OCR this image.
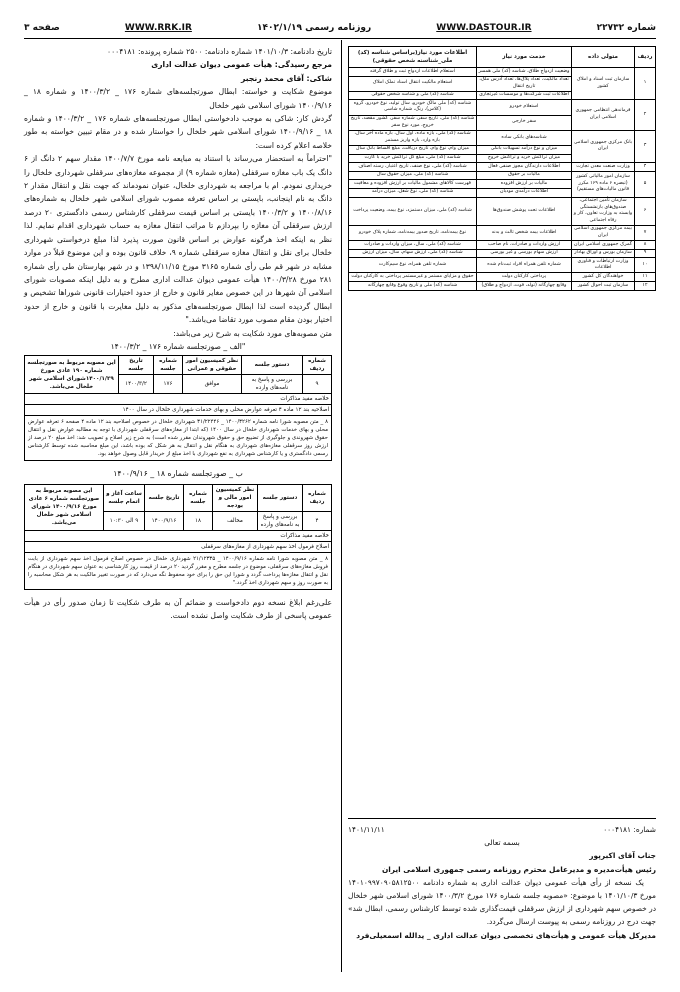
شماره ۲۲۷۳۲
WWW.DASTOUR.IR
روزنامه رسمی ۱۴۰۲/۱/۱۹
WWW.RRK.IR
صفحه ۳
ردیف	متولی داده	خدمت مورد نیاز	اطلاعات مورد نیاز(براساس شناسه (کد) ملی_شناسنه شخص حقوقی)
۱	سازمان ثبت اسناد و املاک کشور	وضعیت ازدواج طلاق، شناسه (کد) ملی همسر	استعلام اطلاعات ازدواج ثبت و طلاق گرفته
		تعداد مالکیت، تعداد پلاک‌ها، تعداد آدرس ملک، تاریخ انتقال	استعلام مالکیت انتقال اسناد تملک املاک
		اطلاعات ثبت شرکت‌ها و موسسات غیرتجاری	شناسه (کد) ملی و شناسه شخص حقوقی
۲	فرماندهی انتظامی جمهوری اسلامی ایران	استعلام خودرو	شناسه (کد) ملی مالک خودرو، سال تولید، نوع خودرو، گروه (کلاس)، رنگ، شماره شاسی
		سفر خارجی	شناسه (کد) ملی، تاریخ سفر، شماره سفر، کشور مقصد، تاریخ خروج، مورد نوع سفر
۳	بانک مرکزی جمهوری اسلامی ایران	شناسه‌های بانکی ساده	شناسه (کد) ملی، بازه ماده، اول سال، بازه ماده آخر سال، بازه وارد، بازه واریز مستمر
		میزان و نوع درآمد تسهیلات بانکی	میزان وام، نوع وام، تاریخ دریافت، مبلغ اقساط بانک سال
		میزان تراکنش خرید و تراکنش خروج	شناسه (کد) ملی، مبلغ کل تراکنش خرید با کارت
۴	وزارت صنعت معدن تجارت	اطلاعات دارندگان مجوز صنفی فعال	شناسه (کد) ملی، نوع صنف، تاریخ اعتبار، رسته اصناف
۵	سازمان امور مالیاتی کشور (تبصره ۶ ماده ۱۶۹ مکرر قانون مالیات‌های مستقیم)	مالیات بر حقوق	شناسه (کد) ملی، میزان حقوق سال
		مالیات بر ارزش افزوده	فهرست کالاهای مشمول مالیات بر ارزش افزوده و معافیت
		اطلاعات درآمدی مودیان	شناسه (کد) ملی، نوع شغل، میزان درآمد
۶	سازمان تأمین اجتماعی، صندوق‌های بازنشستگی وابسته به وزارت تعاون، کار و رفاه اجتماعی	اطلاعات تحت پوشش صندوق‌ها	شناسه (کد) ملی، میزان دستمزد، نوع بیمه، وضعیت پرداخت
۷	بیمه مرکزی جمهوری اسلامی ایران	اطلاعات بیمه شخص ثالث و بدنه	نوع بیمه‌نامه، تاریخ صدور بیمه‌نامه، شماره پلاک خودرو
۸	گمرک جمهوری اسلامی ایران	ارزش واردات و صادرات، نام صاحب	شناسه (کد) ملی، سال، میزان واردات و صادرات
۹	سازمان بورس و اوراق بهادار	ارزش سهام بورسی و غیر بورسی	شناسه (کد) ملی، ارزش سهام، سال، میزان ارزش
۱۰	وزارت ارتباطات و فناوری اطلاعات	شماره تلفن همراه افراد ثبت‌نام شده	شماره تلفن همراه، نوع سیم‌کارت
۱۱	خواهندگان کل کشور	پرداختی کارکنان دولت	حقوق و مزایای مستمر و غیرمستمر پرداختی به کارکنان دولت
۱۲	سازمان ثبت احوال کشور	وقایع چهارگانه (تولد، فوت، ازدواج و طلاق)	شناسه (کد) ملی و تاریخ وقوع وقایع چهارگانه
شماره: ۰۰۰۴۱۸۱
۱۴۰۱/۱۱/۱۱
بسمه تعالی
جناب آقای اکبرپور
رئیس هیأت‌مدیره و مدیرعامل محترم روزنامه رسمی جمهوری اسلامی ایران
یک نسخه از رأی هیأت عمومی دیوان عدالت اداری به شماره دادنامه ۱۴۰۱۰۹۹۷۰۹۰۵۸۱۲۵۰۰ مورخ ۱۴۰۱/۱۰/۳ با موضوع: «مصوبه جلسه شماره ۱۷۶ مورخ ۱۴۰۰/۳/۲ شورای اسلامی شهر خلخال در خصوص سهم شهرداری از ارزش سرقفلی قیمت‌گذاری شده توسط کارشناس رسمی، ابطال شد» جهت درج در روزنامه رسمی به پیوست ارسال می‌گردد.
مدیرکل هیأت عمومی و هیأت‌های تخصصی دیوان عدالت اداری _ یدالله اسمعیلی‌فرد

تاریخ دادنامه: ۱۴۰۱/۱۰/۳ شماره دادنامه: ۲۵۰۰ شماره پرونده: ۰۰۰۴۱۸۱

مرجع رسیدگی: هیأت عمومی دیوان عدالت اداری

شاکی: آقای محمد رنجبر

موضوع شکایت و خواسته: ابطال صورتجلسه‌های شماره ۱۷۶ _ ۱۴۰۰/۳/۲ و شماره ۱۸ _ ۱۴۰۰/۹/۱۶ شورای اسلامی شهر خلخال

گردش کار: شاکی به موجب دادخواستی ابطال صورتجلسه‌های شماره ۱۷۶ _ ۱۴۰۰/۳/۲ و شماره ۱۸ _ ۱۴۰۰/۹/۱۶ شورای اسلامی شهر خلخال را خواستار شده و در مقام تبیین خواسته به طور خلاصه اعلام کرده است:

"احتراماً به استحضار می‌رساند با استناد به مبایعه نامه مورخ ۱۴۰۰/۷/۷ مقدار سهم ۲ دانگ از ۶ دانگ یک باب مغازه سرقفلی (مغازه شماره ۹) از مجموعه مغازه‌های سرقفلی شهرداری خلخال را خریداری نمودم. ام با مراجعه به شهرداری خلخال، عنوان نمودماند که جهت نقل و انتقال مقدار ۲ دانگ به نام اینجانب، بایستی بر اساس تعرفه مصوب شورای اسلامی شهر خلخال به شماره‌های ۱۴۰۰/۸/۱۶ و ۱۴۰۰/۳/۲ بایستی بر اساس قیمت سرقفلی کارشناس رسمی دادگستری ۲۰ درصد ارزش سرقفلی آن مغازه را بپردازم تا مراتب انتقال مغازه به حساب شهرداری اقدام نمایم. لذا نظر به اینکه اخذ هرگونه عوارض بر اساس قانون صورت پذیرد لذا مبلغ درخواستی شهرداری خلخال برای نقل و انتقال مغازه سرقفلی شماره ۹، خلاف قانون بوده و این موضوع قبلاً در موارد مشابه در شهر قم طی رأی شماره ۳۱۶۵ مورخ ۱۳۹۸/۱۱/۱۵ و در شهر بهارستان طی رأی شماره ۲۸۱ مورخ ۱۴۰۰/۳/۲۸ هیأت عمومی دیوان عدالت اداری مطرح و به دلیل اینکه مصوبات شورای اسلامی آن شهرها در این خصوص مغایر قانون و خارج از حدود اختیارات قانونی شوراها تشخیص و ابطال گردیده است لذا ابطال صورتجلسه‌های مذکور به دلیل مغایرت با قانون و خارج از حدود اختیار بودن مقام مصوب مورد تقاضا می‌باشد."

متن مصوبه‌های مورد شکایت به شرح زیر می‌باشد:

"الف _ صورتجلسه شماره ۱۷۶ _ ۱۴۰۰/۳/۲

شماره ردیف	دستور جلسه	نظر کمیسیون امور حقوقی و عمرانی	شماره جلسه	تاریخ جلسه	این مصوبه مربوط به صورتجلسه شماره ۱۹۰ عادی مورخ ۱۴۰۰/۱/۲۹شورای اسلامی شهر خلخال می‌باشد.
۹	بررسی و پاسخ به نامه‌های وارده	موافق	۱۷۶	۱۴۰۰/۳/۲	
خلاصه مفید مذاکرات					
اصلاحیه بند ۱۲ ماده ۴ تعرفه عوارض محلی و بهای خدمات شهرداری خلخال در سال ۱۴۰۰					
۸ _ متن مصوبه شورا نامه شماره ۱۴۰۰/۳۲۶۲ _ ۳۱/۲۲۴۴۶ شهرداری خلخال در خصوص اصلاحیه بند ۱۲ ماده ۴ صفحه ۶ تعرفه عوارض محلی و بهای خدمات شهرداری خلخال در سال ۱۴۰۰ (که ابتدا از مغازه‌های سرقفلی شهرداری با توجه به مطالبه عوارض نقل و انتقال حقوق شهروندی و جلوگیری از تضییع حق و حقوق شهروندان مقرر شده است) به شرح زیر اصلاح و تصویب شد: اخذ مبلغ ۲۰ درصد از ارزش روز سرقفلی مغازه‌های شهرداری به هنگام نقل و انتقال به هر شکل که بوده باشد، این مبلغ محاسبه شده توسط کارشناس رسمی دادگستری و یا کارشناس شهرداری به نفع شهرداری با اخذ مبلغ از خریدار قابل وصول خواهد بود.
ب _ صورتجلسه شماره ۱۸ _ ۱۴۰۰/۹/۱۶
شماره ردیف	دستور جلسه	نظر کمیسیون امور مالی و بودجه	شماره جلسه	تاریخ جلسه	ساعت آغاز و اتمام جلسه	این مصوبه مربوط به صورتجلسه شماره ۶ عادی مورخ ۱۴۰۰/۹/۱۶ شورای اسلامی شهر خلخال می‌باشد.
۴	بررسی و پاسخ به نامه‌های وارده	مخالف	۱۸	۱۴۰۰/۹/۱۶	۹ الی ۱۰:۳۰	
خلاصه مفید مذاکرات						
اصلاح فرمول اخذ سهم شهرداری از مغازه‌های سرقفلی						
۸ _ متن مصوبه شورا نامه شماره ۱۴۰۰/۹/۱۶ _ ۲۱/۱۲۳۳۵ شهرداری خلخال در خصوص اصلاح فرمول اخذ سهم شهرداری از بابت فروش مغازه‌های سرقفلی، موضوع در جلسه مطرح و مقرر گردید ۲۰ درصد از قیمت روز کارشناسی به عنوان سهم شهرداری در هنگام نقل و انتقال مغازه‌ها پرداخت گردد و شورا این حق را برای خود محفوظ نگه می‌دارد که در صورت تغییر مالکیت به هر شکل محاسبه را به صورت روز و سهم شهرداری اخذ گردد."

علی‌رغم ابلاغ نسخه دوم دادخواست و ضمائم آن به طرف شکایت تا زمان صدور رأی در هیأت عمومی پاسخی از طرف شکایت واصل نشده است.
